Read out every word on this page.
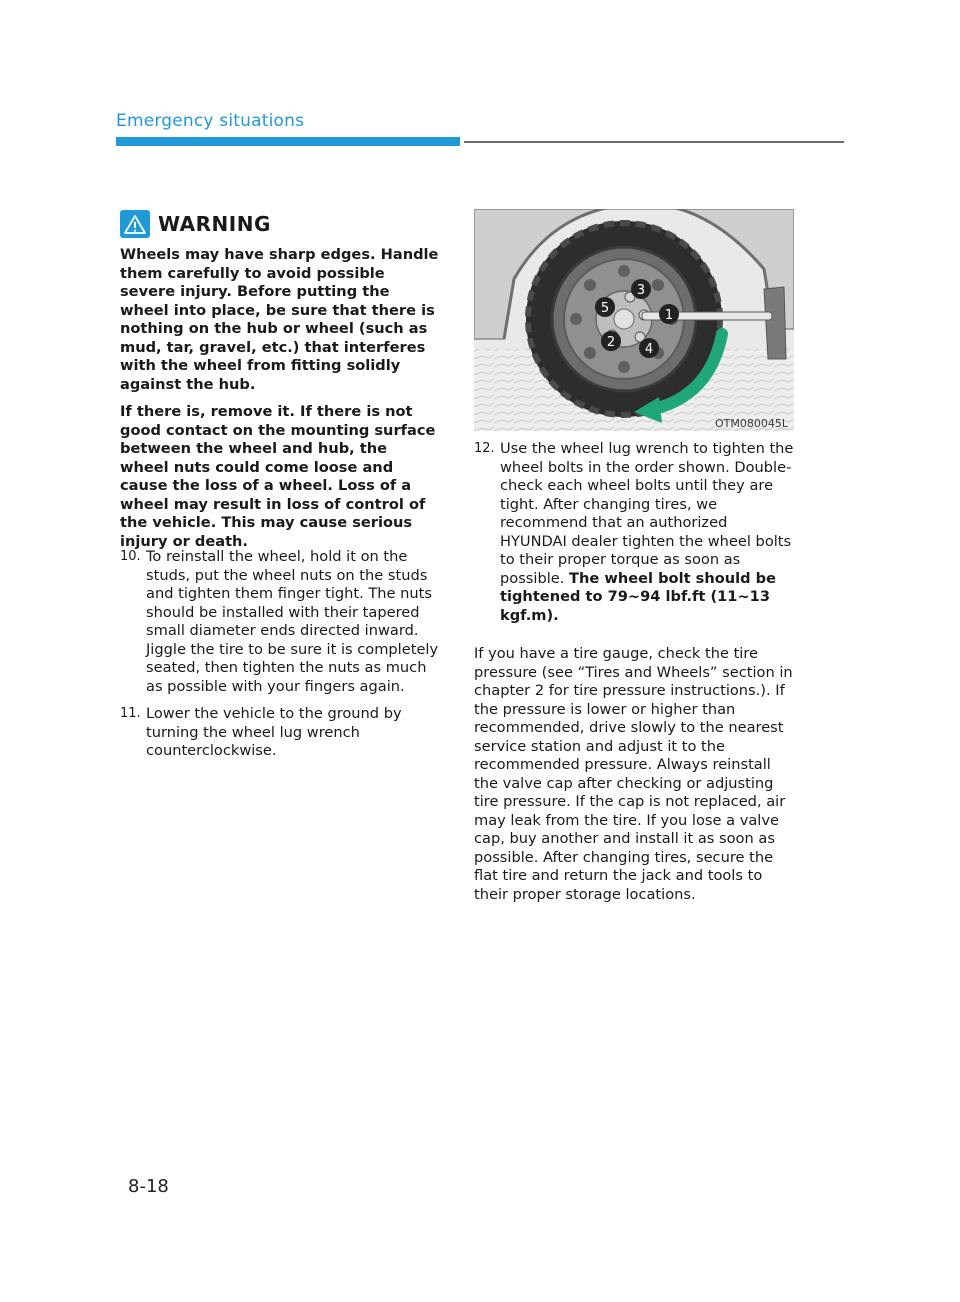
Emergency situations
WARNING

Wheels may have sharp edges. Handle them carefully to avoid possible severe injury. Before putting the wheel into place, be sure that there is nothing on the hub or wheel (such as mud, tar, gravel, etc.) that interferes with the wheel from fitting solidly against the hub.

If there is, remove it. If there is not good contact on the mounting surface between the wheel and hub, the wheel nuts could come loose and cause the loss of a wheel. Loss of a wheel may result in loss of control of the vehicle. This may cause serious injury or death.

10. To reinstall the wheel, hold it on the studs, put the wheel nuts on the studs and tighten them finger tight. The nuts should be installed with their tapered small diameter ends directed inward. Jiggle the tire to be sure it is completely seated, then tighten the nuts as much as possible with your fingers again.
11. Lower the vehicle to the ground by turning the wheel lug wrench counterclockwise.
1
2
3
4
5
OTM080045L
12. Use the wheel lug wrench to tighten the wheel bolts in the order shown. Double-check each wheel bolts until they are tight. After changing tires, we recommend that an authorized HYUNDAI dealer tighten the wheel bolts to their proper torque as soon as possible. The wheel bolt should be tightened to 79~94 lbf.ft (11~13 kgf.m).

If you have a tire gauge, check the tire pressure (see “Tires and Wheels” section in chapter 2 for tire pressure instructions.). If the pressure is lower or higher than recommended, drive slowly to the nearest service station and adjust it to the recommended pressure. Always reinstall the valve cap after checking or adjusting tire pressure. If the cap is not replaced, air may leak from the tire. If you lose a valve cap, buy another and install it as soon as possible. After changing tires, secure the flat tire and return the jack and tools to their proper storage locations.

8-18
